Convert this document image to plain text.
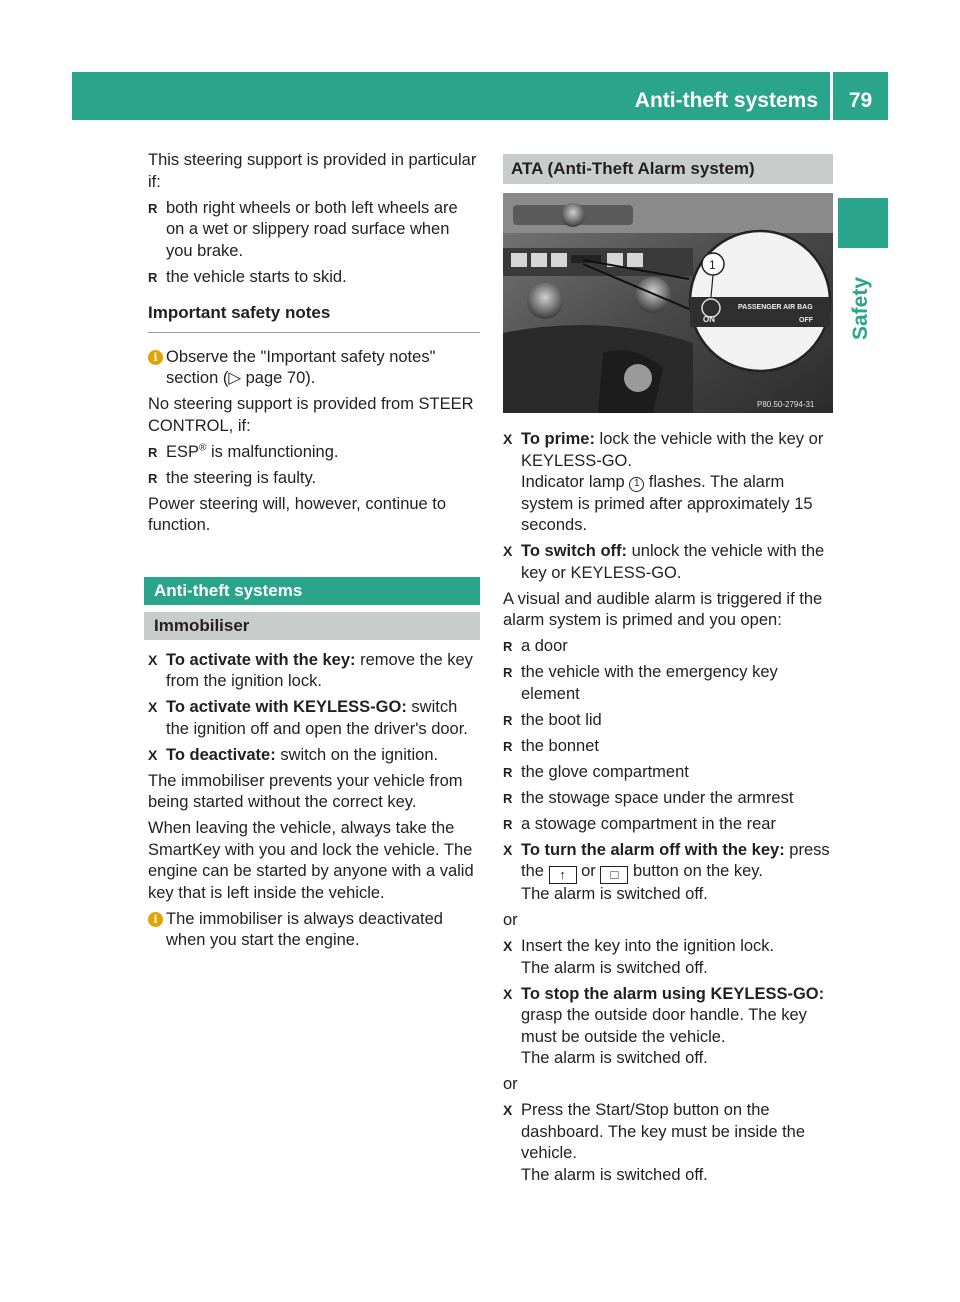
Anti-theft systems	79
Safety

This steering support is provided in particular if:

R both right wheels or both left wheels are on a wet or slippery road surface when you brake.
R the vehicle starts to skid.
Important safety notes
i Observe the "Important safety notes" section (▷ page 70).

No steering support is provided from STEER CONTROL, if:

R ESP® is malfunctioning.
R the steering is faulty.

Power steering will, however, continue to function.

Anti-theft systems
Immobiliser
X To activate with the key: remove the key from the ignition lock.
X To activate with KEYLESS-GO: switch the ignition off and open the driver's door.
X To deactivate: switch on the ignition.

The immobiliser prevents your vehicle from being started without the correct key.

When leaving the vehicle, always take the SmartKey with you and lock the vehicle. The engine can be started by anyone with a valid key that is left inside the vehicle.

i The immobiliser is always deactivated when you start the engine.
ATA (Anti-Theft Alarm system)
ON
PASSENGER AIR BAG
OFF
1
P80.50-2794-31
X To prime: lock the vehicle with the key or KEYLESS-GO.
Indicator lamp 1 flashes. The alarm system is primed after approximately 15 seconds.
X To switch off: unlock the vehicle with the key or KEYLESS-GO.

A visual and audible alarm is triggered if the alarm system is primed and you open:

R a door
R the vehicle with the emergency key element
R the boot lid
R the bonnet
R the glove compartment
R the stowage space under the armrest
R a stowage compartment in the rear
X To turn the alarm off with the key: press
the ↑ or □ button on the key.
The alarm is switched off.

or

X Insert the key into the ignition lock.
The alarm is switched off.
X To stop the alarm using KEYLESS-GO: grasp the outside door handle. The key must be outside the vehicle.
The alarm is switched off.

or

X Press the Start/Stop button on the dashboard. The key must be inside the vehicle.
The alarm is switched off.
